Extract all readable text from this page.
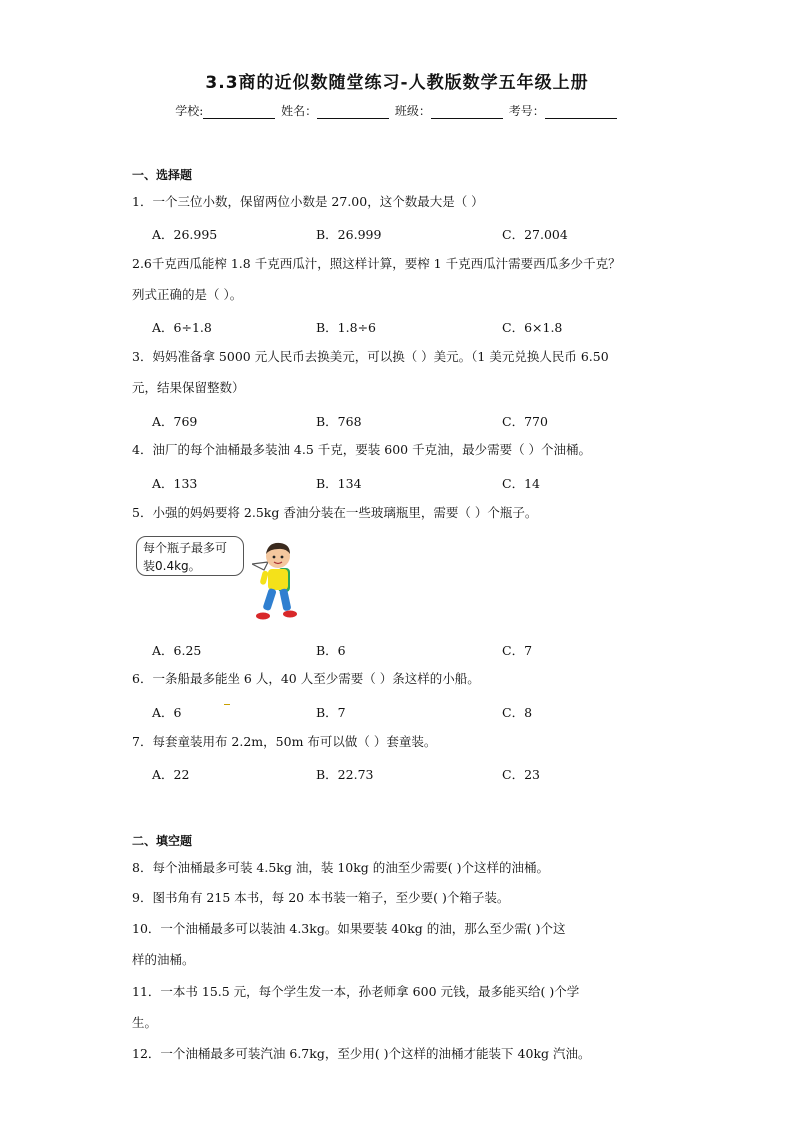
3.3商的近似数随堂练习-人教版数学五年级上册
学校:	姓名：	班级：	考号：
一、选择题
1．一个三位小数，保留两位小数是 27.00，这个数最大是（ ）
A．26.995	B．26.999	C．27.004
2.6千克西瓜能榨 1.8 千克西瓜汁，照这样计算，要榨 1 千克西瓜汁需要西瓜多少千克？
列式正确的是（ ）。
A．6÷1.8	B．1.8÷6	C．6×1.8
3．妈妈准备拿 5000 元人民币去换美元，可以换（ ）美元。（1 美元兑换人民币 6.50
元，结果保留整数）
A．769	B．768	C．770
4．油厂的每个油桶最多装油 4.5 千克，要装 600 千克油，最少需要（ ）个油桶。
A．133	B．134	C．14
5．小强的妈妈要将 2.5kg 香油分装在一些玻璃瓶里，需要（ ）个瓶子。
每个瓶子最多可装0.4kg。
A．6.25	B．6	C．7
6．一条船最多能坐 6 人，40 人至少需要（ ）条这样的小船。
A．6	B．7	C．8
7．每套童装用布 2.2m，50m 布可以做（ ）套童装。
A．22	B．22.73	C．23
二、填空题
8．每个油桶最多可装 4.5kg 油，装 10kg 的油至少需要( )个这样的油桶。
9．图书角有 215 本书，每 20 本书装一箱子，至少要( )个箱子装。
10．一个油桶最多可以装油 4.3kg。如果要装 40kg 的油，那么至少需( )个这
样的油桶。
11．一本书 15.5 元，每个学生发一本，孙老师拿 600 元钱，最多能买给( )个学
生。
12．一个油桶最多可装汽油 6.7kg，至少用( )个这样的油桶才能装下 40kg 汽油。
